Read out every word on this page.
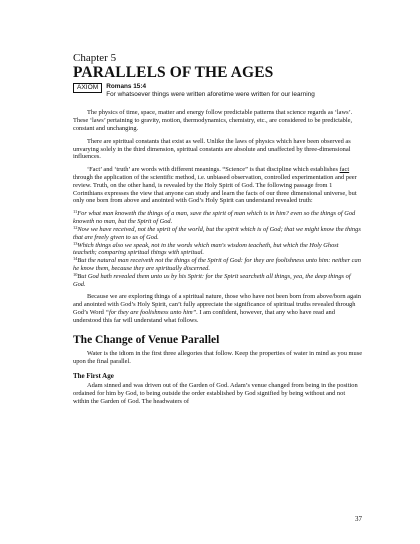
Chapter 5

PARALLELS OF THE AGES

AXIOM	Romans 15:4
For whatsoever things were written aforetime were written for our learning

The physics of time, space, matter and energy follow predictable patterns that science regards as ‘laws’. These ‘laws’ pertaining to gravity, motion, thermodynamics, chemistry, etc., are considered to be predictable, constant and unchanging.

There are spiritual constants that exist as well. Unlike the laws of physics which have been observed as unvarying solely in the third dimension, spiritual constants are absolute and unaffected by three-dimensional influences.

‘Fact’ and ‘truth’ are words with different meanings. “Science” is that discipline which establishes fact through the application of the scientific method, i.e. unbiased observation, controlled experimentation and peer review. Truth, on the other hand, is revealed by the Holy Spirit of God. The following passage from 1 Corinthians expresses the view that anyone can study and learn the facts of our three dimensional universe, but only one born from above and anointed with God’s Holy Spirit can understand revealed truth:

$^{11}$For what man knoweth the things of a man, save the spirit of man which is in him? even so the things of God knoweth no man, but the Spirit of God.

$^{12}$Now we have received, not the spirit of the world, but the spirit which is of God; that we might know the things that are freely given to us of God.

$^{13}$Which things also we speak, not in the words which man's wisdom teacheth, but which the Holy Ghost teacheth; comparing spiritual things with spiritual.

$^{14}$But the natural man receiveth not the things of the Spirit of God: for they are foolishness unto him: neither can he know them, because they are spiritually discerned.

$^{10}$But God hath revealed them unto us by his Spirit: for the Spirit searcheth all things, yea, the deep things of God.

Because we are exploring things of a spiritual nature, those who have not been born from above/born again and anointed with God’s Holy Spirit, can’t fully appreciate the significance of spiritual truths revealed through God’s Word “for they are foolishness unto him”. I am confident, however, that any who have read and understood this far will understand what follows.

The Change of Venue Parallel

Water is the idiom in the first three allegories that follow. Keep the properties of water in mind as you muse upon the final parallel.

The First Age

Adam sinned and was driven out of the Garden of God. Adam’s venue changed from being in the position ordained for him by God, to being outside the order established by God signified by being without and not within the Garden of God. The headwaters of

37
